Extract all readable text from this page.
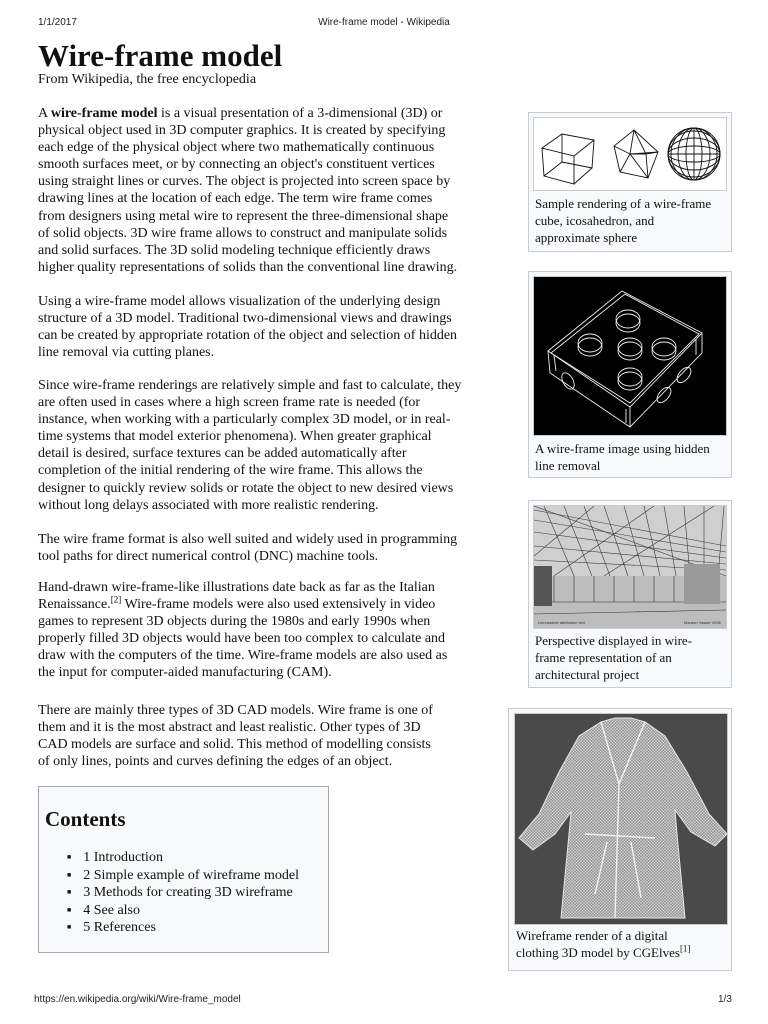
1/1/2017	Wire-frame model - Wikipedia
Wire-frame model
From Wikipedia, the free encyclopedia

A wire-frame model is a visual presentation of a 3-dimensional (3D) or
physical object used in 3D computer graphics. It is created by specifying
each edge of the physical object where two mathematically continuous
smooth surfaces meet, or by connecting an object's constituent vertices
using straight lines or curves. The object is projected into screen space by
drawing lines at the location of each edge. The term wire frame comes
from designers using metal wire to represent the three-dimensional shape
of solid objects. 3D wire frame allows to construct and manipulate solids
and solid surfaces. The 3D solid modeling technique efficiently draws
higher quality representations of solids than the conventional line drawing.

Using a wire-frame model allows visualization of the underlying design
structure of a 3D model. Traditional two-dimensional views and drawings
can be created by appropriate rotation of the object and selection of hidden
line removal via cutting planes.

Since wire-frame renderings are relatively simple and fast to calculate, they
are often used in cases where a high screen frame rate is needed (for
instance, when working with a particularly complex 3D model, or in real-
time systems that model exterior phenomena). When greater graphical
detail is desired, surface textures can be added automatically after
completion of the initial rendering of the wire frame. This allows the
designer to quickly review solids or rotate the object to new desired views
without long delays associated with more realistic rendering.

The wire frame format is also well suited and widely used in programming
tool paths for direct numerical control (DNC) machine tools.

Hand-drawn wire-frame-like illustrations date back as far as the Italian
Renaissance.[2] Wire-frame models were also used extensively in video
games to represent 3D objects during the 1980s and early 1990s when
properly filled 3D objects would have been too complex to calculate and
draw with the computers of the time. Wire-frame models are also used as
the input for computer-aided manufacturing (CAM).

There are mainly three types of 3D CAD models. Wire frame is one of
them and it is the most abstract and least realistic. Other types of 3D
CAD models are surface and solid. This method of modelling consists
of only lines, points and curves defining the edges of an object.

Contents
■ 1 Introduction
■ 2 Simple example of wireframe model
■ 3 Methods for creating 3D wireframe
■ 4 See also
■ 5 References
Sample rendering of a wire-frame
cube, icosahedron, and
approximate sphere
A wire-frame image using hidden
line removal
Unreadable attribution text	Maraon Yasser 2006
Perspective displayed in wire-
frame representation of an
architectural project
Wireframe render of a digital
clothing 3D model by CGElves[1]
https://en.wikipedia.org/wiki/Wire-frame_model	1/3
